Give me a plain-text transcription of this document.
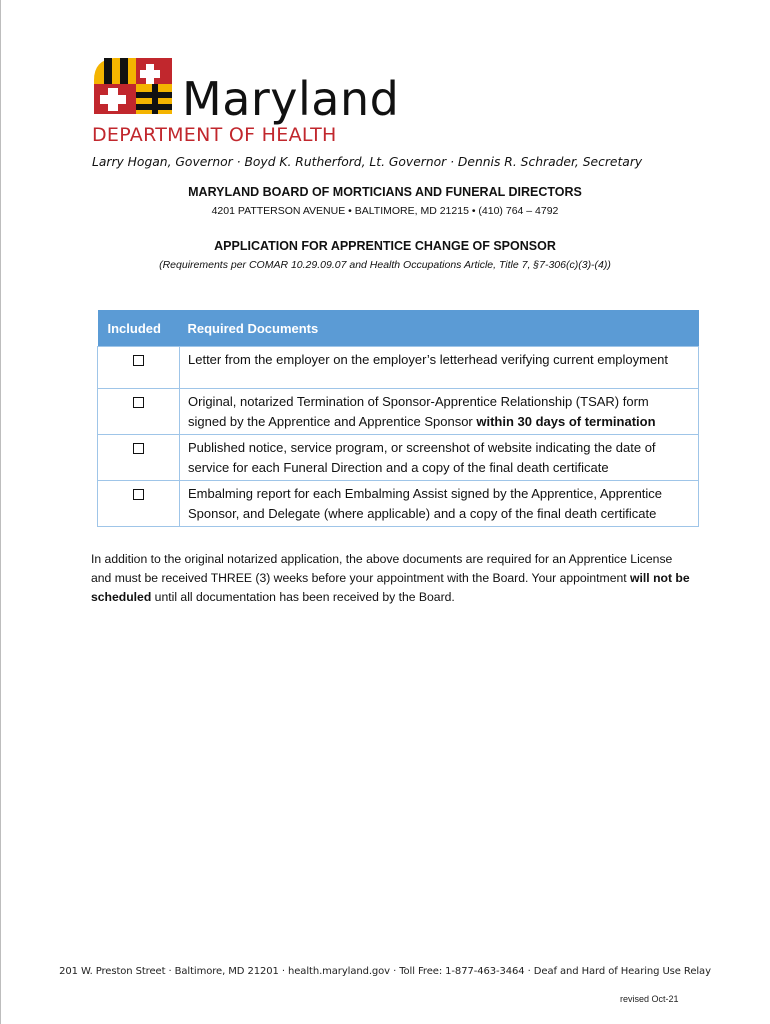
Maryland
DEPARTMENT OF HEALTH
Larry Hogan, Governor · Boyd K. Rutherford, Lt. Governor · Dennis R. Schrader, Secretary
MARYLAND BOARD OF MORTICIANS AND FUNERAL DIRECTORS
4201 PATTERSON AVENUE • BALTIMORE, MD 21215 • (410) 764 – 4792
APPLICATION FOR APPRENTICE CHANGE OF SPONSOR
(Requirements per COMAR 10.29.09.07 and Health Occupations Article, Title 7, §7-306(c)(3)-(4))
Included	Required Documents
	Letter from the employer on the employer’s letterhead verifying current employment
	Original, notarized Termination of Sponsor-Apprentice Relationship (TSAR) form signed by the Apprentice and Apprentice Sponsor within 30 days of termination
	Published notice, service program, or screenshot of website indicating the date of service for each Funeral Direction and a copy of the final death certificate
	Embalming report for each Embalming Assist signed by the Apprentice, Apprentice Sponsor, and Delegate (where applicable) and a copy of the final death certificate
In addition to the original notarized application, the above documents are required for an Apprentice License and must be received THREE (3) weeks before your appointment with the Board. Your appointment will not be scheduled until all documentation has been received by the Board.
201 W. Preston Street · Baltimore, MD 21201 · health.maryland.gov · Toll Free: 1-877-463-3464 · Deaf and Hard of Hearing Use Relay
revised Oct-21
